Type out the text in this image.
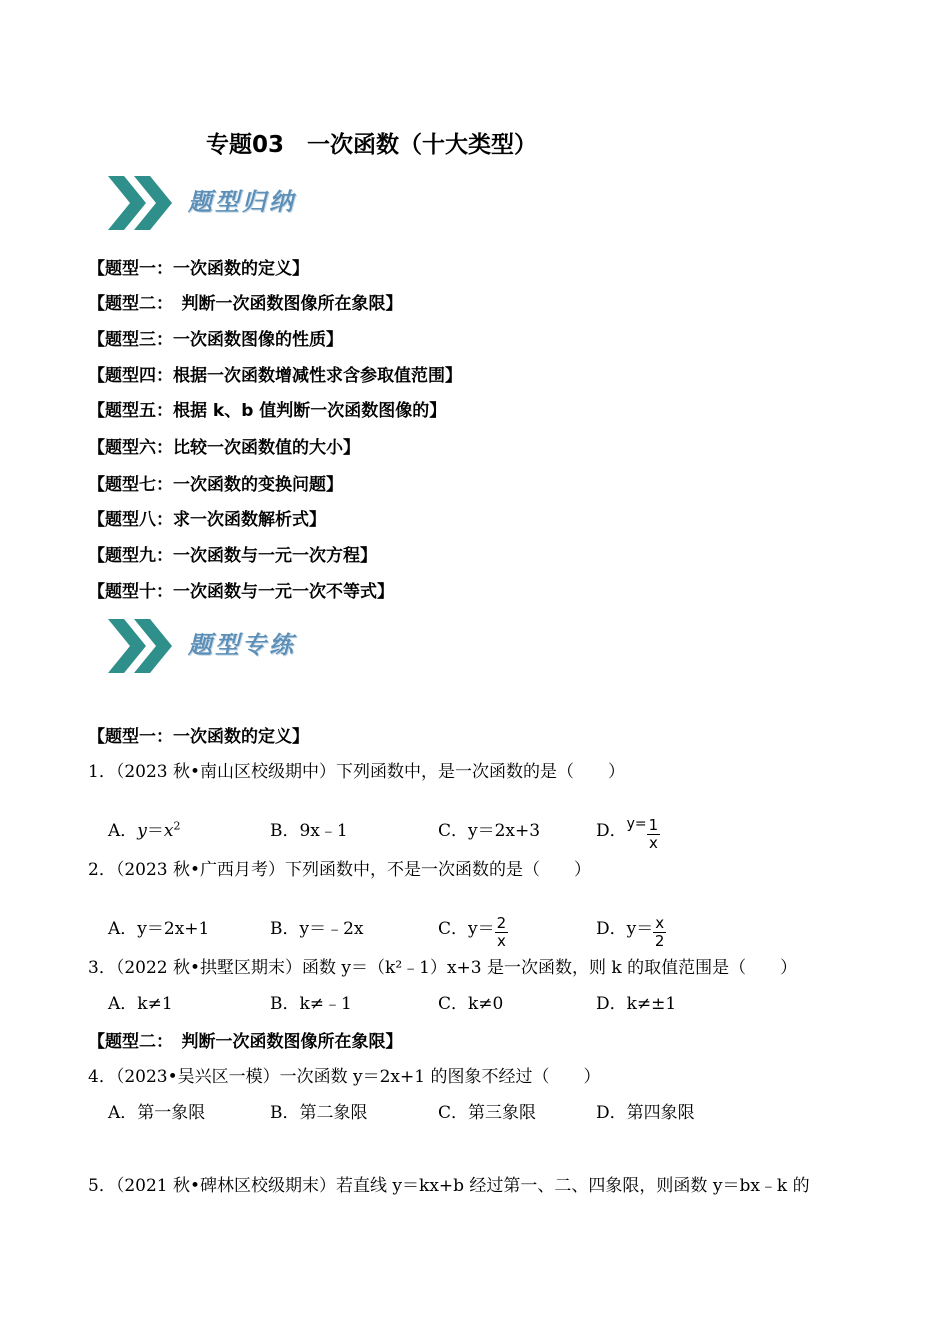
专题03　一次函数（十大类型）
题型归纳
【题型一：一次函数的定义】
【题型二：　判断一次函数图像所在象限】
【题型三：一次函数图像的性质】
【题型四：根据一次函数增减性求含参取值范围】
【题型五：根据 k、b 值判断一次函数图像的】
【题型六：比较一次函数值的大小】
【题型七：一次函数的变换问题】
【题型八：求一次函数解析式】
【题型九：一次函数与一元一次方程】
【题型十：一次函数与一元一次不等式】
题型专练
【题型一：一次函数的定义】
1．（2023 秋•南山区校级期中）下列函数中，是一次函数的是（　　）
A．$y=x^2$	B．9x﹣1	C．y＝2x+3	D．$^{y=} \frac{1}{x}$
2．（2023 秋•广西月考）下列函数中，不是一次函数的是（　　）
A．y＝2x+1	B．y＝﹣2x	C．$y= \frac{2}{x}$	D．$y= \frac{x}{2}$
3．（2022 秋•拱墅区期末）函数 y＝（k²﹣1）x+3 是一次函数，则 k 的取值范围是（　　）
A．k≠1	B．k≠﹣1	C．k≠0	D．k≠±1
【题型二：　判断一次函数图像所在象限】
4．（2023•吴兴区一模）一次函数 y＝2x+1 的图象不经过（　　）
A．第一象限	B．第二象限	C．第三象限	D．第四象限
5．（2021 秋•碑林区校级期末）若直线 y＝kx+b 经过第一、二、四象限，则函数 y＝bx﹣k 的
